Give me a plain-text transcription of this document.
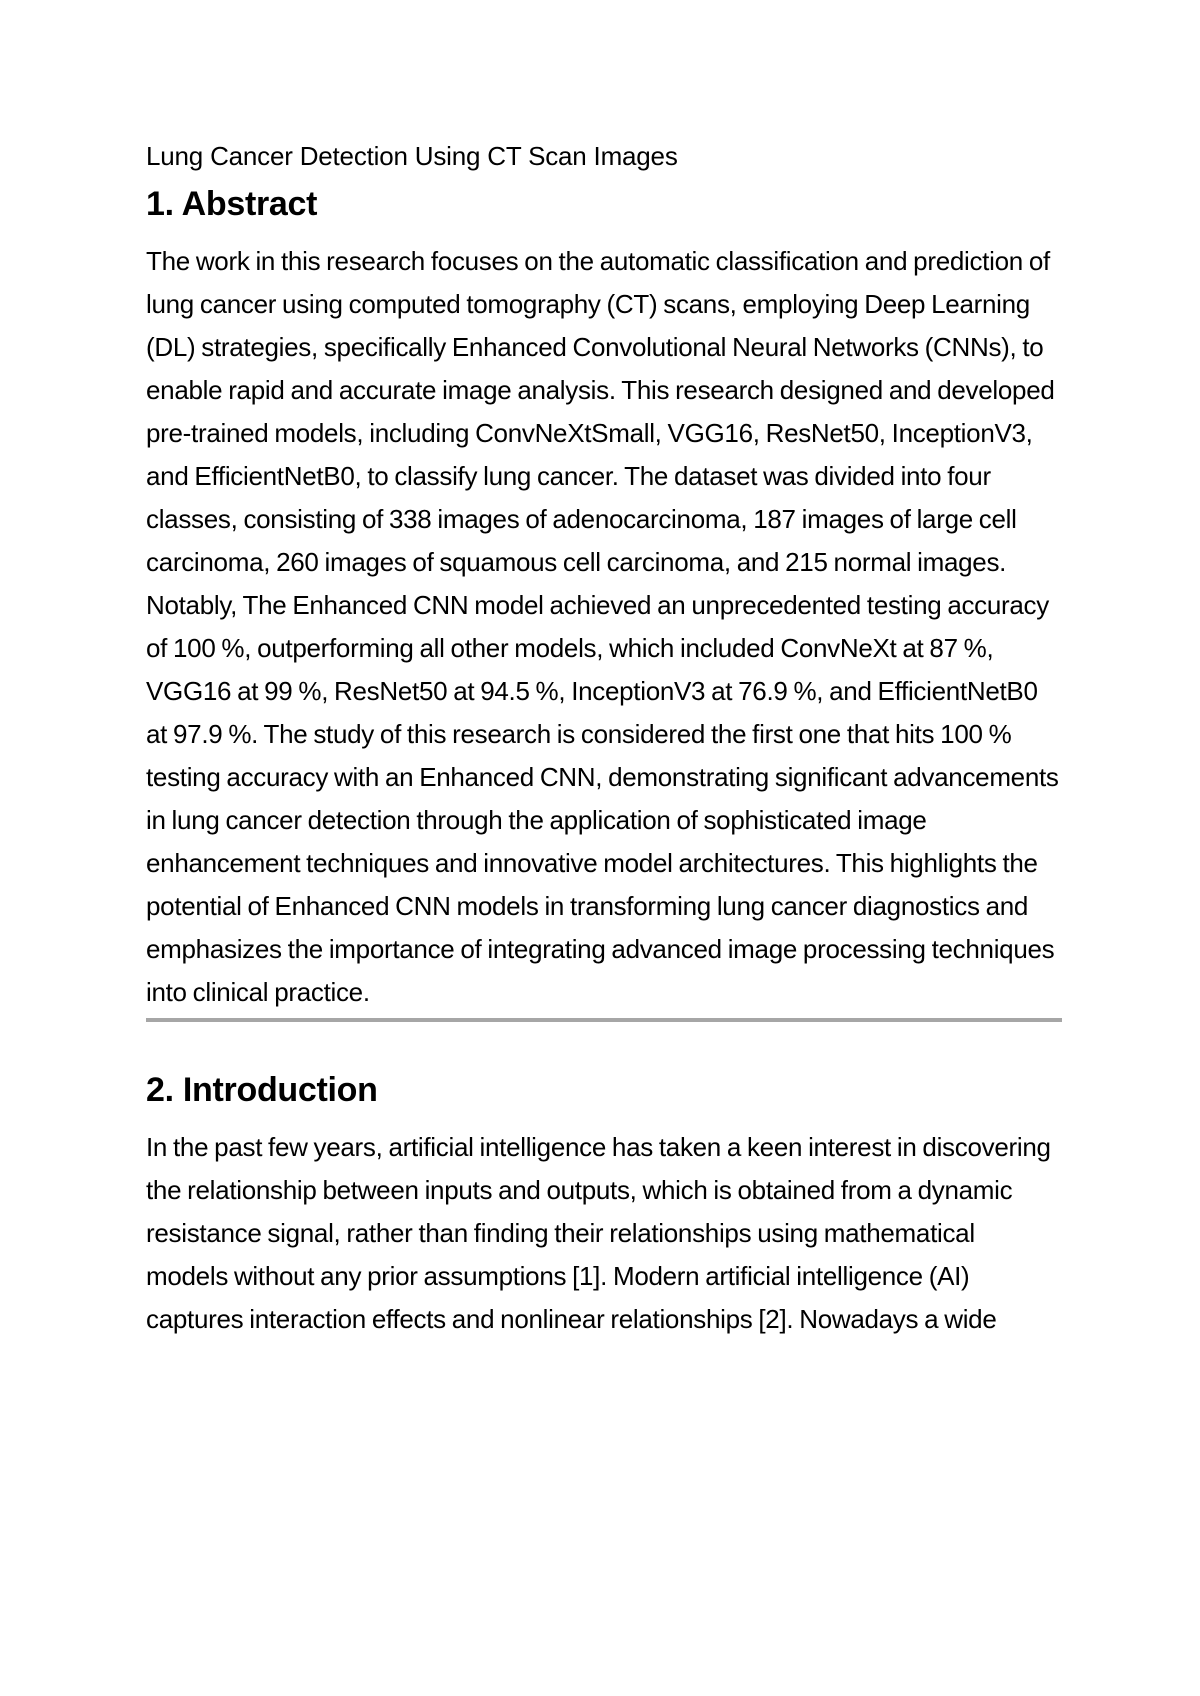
Lung Cancer Detection Using CT Scan Images
1. Abstract

The work in this research focuses on the automatic classification and prediction of lung cancer using computed tomography (CT) scans, employing Deep Learning (DL) strategies, specifically Enhanced Convolutional Neural Networks (CNNs), to enable rapid and accurate image analysis. This research designed and developed pre-trained models, including ConvNeXtSmall, VGG16, ResNet50, InceptionV3, and EfficientNetB0, to classify lung cancer. The dataset was divided into four classes, consisting of 338 images of adenocarcinoma, 187 images of large cell carcinoma, 260 images of squamous cell carcinoma, and 215 normal images. Notably, The Enhanced CNN model achieved an unprecedented testing accuracy of 100 %, outperforming all other models, which included ConvNeXt at 87 %, VGG16 at 99 %, ResNet50 at 94.5 %, InceptionV3 at 76.9 %, and EfficientNetB0 at 97.9 %. The study of this research is considered the first one that hits 100 % testing accuracy with an Enhanced CNN, demonstrating significant advancements in lung cancer detection through the application of sophisticated image enhancement techniques and innovative model architectures. This highlights the potential of Enhanced CNN models in transforming lung cancer diagnostics and emphasizes the importance of integrating advanced image processing techniques into clinical practice.

2. Introduction

In the past few years, artificial intelligence has taken a keen interest in discovering the relationship between inputs and outputs, which is obtained from a dynamic resistance signal, rather than finding their relationships using mathematical models without any prior assumptions [1]. Modern artificial intelligence (AI) captures interaction effects and nonlinear relationships [2]. Nowadays a wide
